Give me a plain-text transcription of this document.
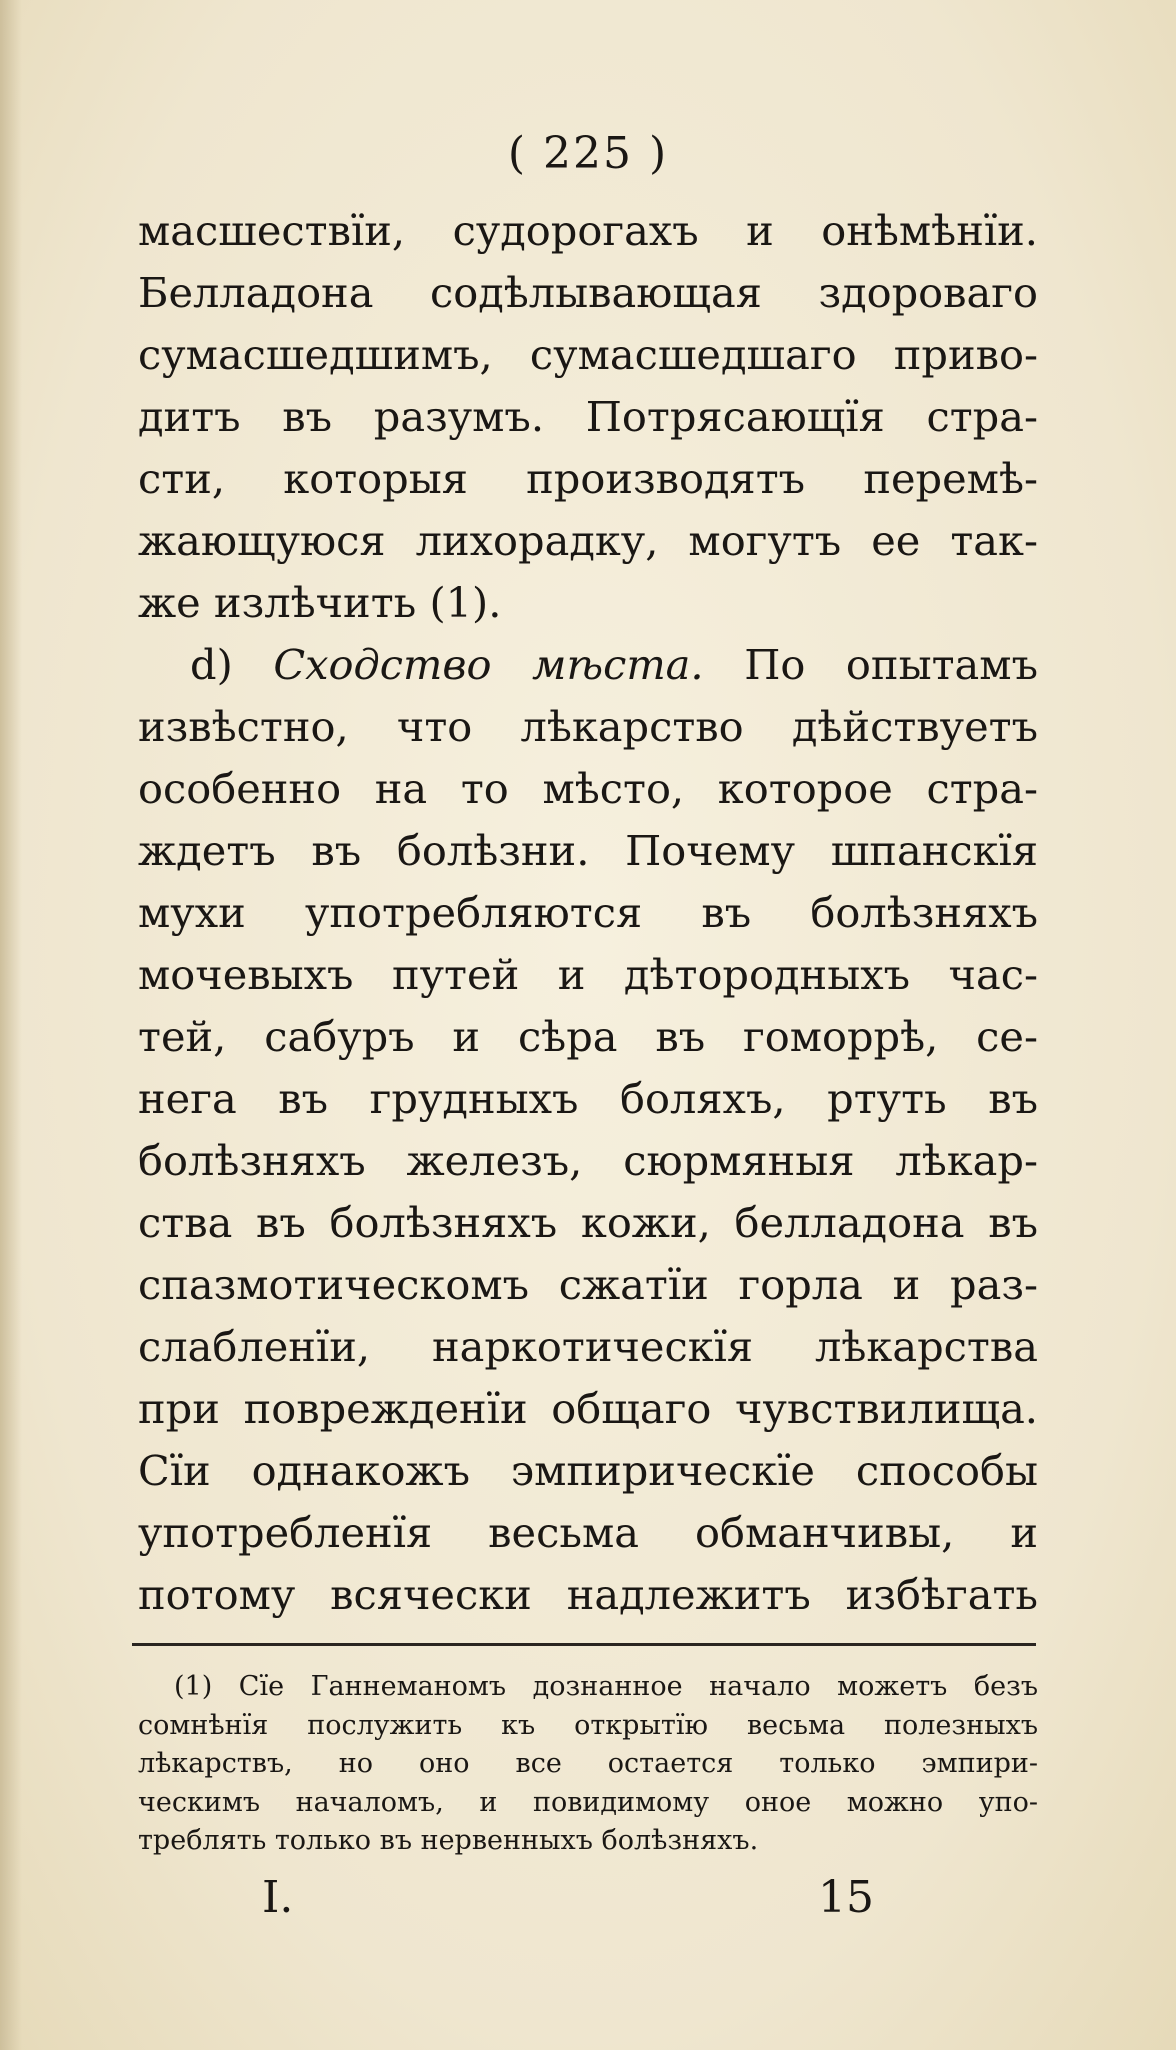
( 225 )
масшествїи, судорогахъ и онѣмѣнїи.
Белладона содѣлывающая здороваго
сумасшедшимъ, сумасшедшаго приво-
дитъ въ разумъ. Потрясающїя стра-
сти, которыя производятъ перемѣ-
жающуюся лихорадку, могутъ ее так-
же излѣчить (1).
d) Сходство мѣста. По опытамъ
извѣстно, что лѣкарство дѣйствуетъ
особенно на то мѣсто, которое стра-
ждетъ въ болѣзни. Почему шпанскїя
мухи употребляются въ болѣзняхъ
мочевыхъ путей и дѣтородныхъ час-
тей, сабуръ и сѣра въ гоморрѣ, се-
нега въ грудныхъ боляхъ, ртуть въ
болѣзняхъ железъ, сюрмяныя лѣкар-
ства въ болѣзняхъ кожи, белладона въ
спазмотическомъ сжатїи горла и раз-
слабленїи, наркотическїя лѣкарства
при поврежденїи общаго чувствилища.
Сїи однакожъ эмпирическїе способы
употребленїя весьма обманчивы, и
потому всячески надлежитъ избѣгать
(1) Сїе Ганнеманомъ дознанное начало можетъ безъ
сомнѣнїя послужить къ открытїю весьма полезныхъ
лѣкарствъ, но оно все остается только эмпири-
ческимъ началомъ, и повидимому оное можно упо-
треблять только въ нервенныхъ болѣзняхъ.
I.	15
